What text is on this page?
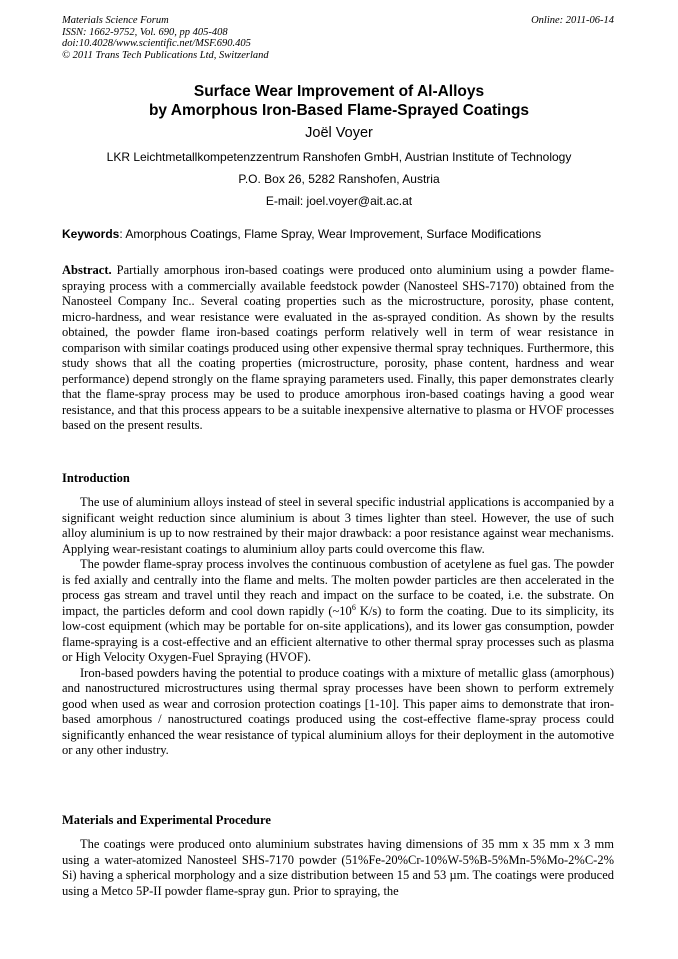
Materials Science Forum
ISSN: 1662-9752, Vol. 690, pp 405-408
doi:10.4028/www.scientific.net/MSF.690.405
© 2011 Trans Tech Publications Ltd, Switzerland
Online: 2011-06-14
Surface Wear Improvement of Al-Alloys
by Amorphous Iron-Based Flame-Sprayed Coatings
Joël Voyer
LKR Leichtmetallkompetenzzentrum Ranshofen GmbH, Austrian Institute of Technology
P.O. Box 26, 5282 Ranshofen, Austria
E-mail: joel.voyer@ait.ac.at
Keywords: Amorphous Coatings, Flame Spray, Wear Improvement, Surface Modifications

Abstract. Partially amorphous iron-based coatings were produced onto aluminium using a powder flame-spraying process with a commercially available feedstock powder (Nanosteel SHS-7170) obtained from the Nanosteel Company Inc.. Several coating properties such as the microstructure, porosity, phase content, micro-hardness, and wear resistance were evaluated in the as-sprayed condition. As shown by the results obtained, the powder flame iron-based coatings perform relatively well in term of wear resistance in comparison with similar coatings produced using other expensive thermal spray techniques. Furthermore, this study shows that all the coating properties (microstructure, porosity, phase content, hardness and wear performance) depend strongly on the flame spraying parameters used. Finally, this paper demonstrates clearly that the flame-spray process may be used to produce amorphous iron-based coatings having a good wear resistance, and that this process appears to be a suitable inexpensive alternative to plasma or HVOF processes based on the present results.

Introduction

The use of aluminium alloys instead of steel in several specific industrial applications is accompanied by a significant weight reduction since aluminium is about 3 times lighter than steel. However, the use of such alloy aluminium is up to now restrained by their major drawback: a poor resistance against wear mechanisms. Applying wear-resistant coatings to aluminium alloy parts could overcome this flaw.

The powder flame-spray process involves the continuous combustion of acetylene as fuel gas. The powder is fed axially and centrally into the flame and melts. The molten powder particles are then accelerated in the process gas stream and travel until they reach and impact on the surface to be coated, i.e. the substrate. On impact, the particles deform and cool down rapidly ($\sim 10^6$ K/s) to form the coating. Due to its simplicity, its low-cost equipment (which may be portable for on-site applications), and its lower gas consumption, powder flame-spraying is a cost-effective and an efficient alternative to other thermal spray processes such as plasma or High Velocity Oxygen-Fuel Spraying (HVOF).

Iron-based powders having the potential to produce coatings with a mixture of metallic glass (amorphous) and nanostructured microstructures using thermal spray processes have been shown to perform extremely good when used as wear and corrosion protection coatings [1-10]. This paper aims to demonstrate that iron-based amorphous / nanostructured coatings produced using the cost-effective flame-spray process could significantly enhanced the wear resistance of typical aluminium alloys for their deployment in the automotive or any other industry.

Materials and Experimental Procedure

The coatings were produced onto aluminium substrates having dimensions of 35 mm x 35 mm x 3 mm using a water-atomized Nanosteel SHS-7170 powder (51%Fe-20%Cr-10%W-5%B-5%Mn-5%Mo-2%C-2% Si) having a spherical morphology and a size distribution between 15 and 53 µm. The coatings were produced using a Metco 5P-II powder flame-spray gun. Prior to spraying, the
